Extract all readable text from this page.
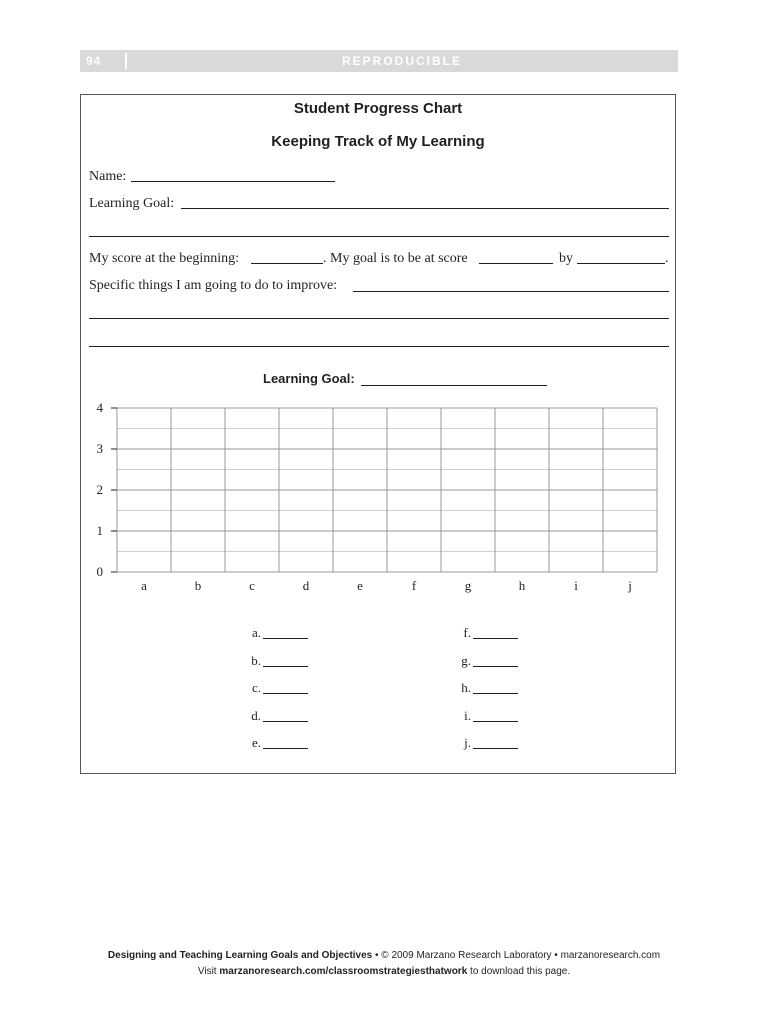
94	REPRODUCIBLE
Student Progress Chart
Keeping Track of My Learning
Name:
Learning Goal:
My score at the beginning:	. My goal is to be at score	by	.
Specific things I am going to do to improve:
Learning Goal:
0
1
2
3
4
a	b	c	d	e	f	g	h	i	j
a.
b.
c.
d.
e.
f.
g.
h.
i.
j.
Designing and Teaching Learning Goals and Objectives • © 2009 Marzano Research Laboratory • marzanoresearch.com
Visit marzanoresearch.com/classroomstrategiesthatwork to download this page.
